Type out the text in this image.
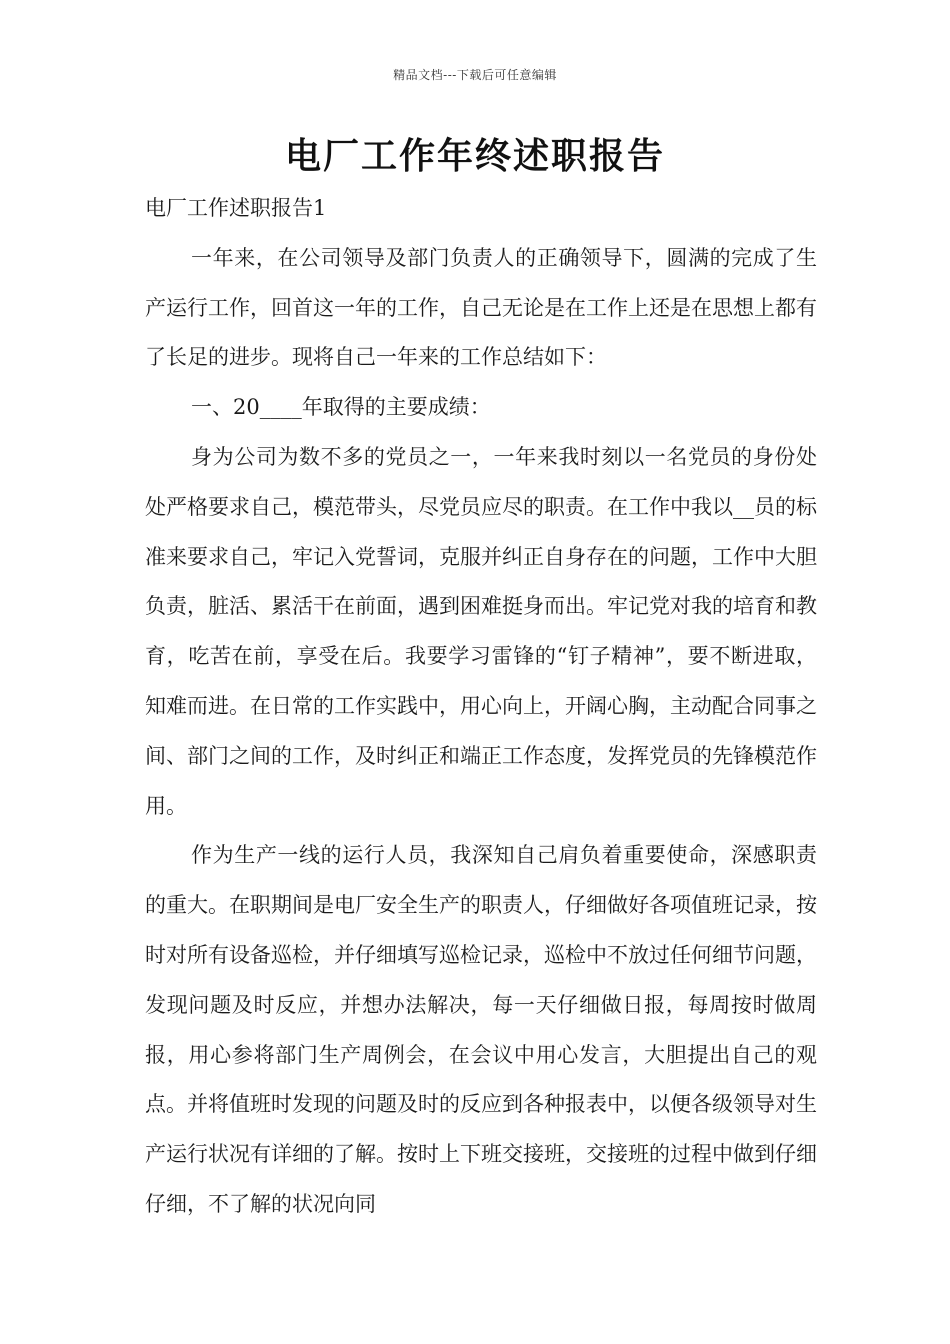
精品文档---下载后可任意编辑
电厂工作年终述职报告

电厂工作述职报告1

一年来，在公司领导及部门负责人的正确领导下，圆满的完成了生产运行工作，回首这一年的工作，自己无论是在工作上还是在思想上都有了长足的进步。现将自己一年来的工作总结如下：

一、20____年取得的主要成绩：

身为公司为数不多的党员之一，一年来我时刻以一名党员的身份处处严格要求自己，模范带头，尽党员应尽的职责。在工作中我以__员的标准来要求自己，牢记入党誓词，克服并纠正自身存在的问题，工作中大胆负责，脏活、累活干在前面，遇到困难挺身而出。牢记党对我的培育和教育，吃苦在前，享受在后。我要学习雷锋的“钉子精神”，要不断进取，知难而进。在日常的工作实践中，用心向上，开阔心胸，主动配合同事之间、部门之间的工作，及时纠正和端正工作态度，发挥党员的先锋模范作用。

作为生产一线的运行人员，我深知自己肩负着重要使命，深感职责的重大。在职期间是电厂安全生产的职责人，仔细做好各项值班记录，按时对所有设备巡检，并仔细填写巡检记录，巡检中不放过任何细节问题，发现问题及时反应，并想办法解决，每一天仔细做日报，每周按时做周报，用心参将部门生产周例会，在会议中用心发言，大胆提出自己的观点。并将值班时发现的问题及时的反应到各种报表中，以便各级领导对生产运行状况有详细的了解。按时上下班交接班，交接班的过程中做到仔细仔细，不了解的状况向同
